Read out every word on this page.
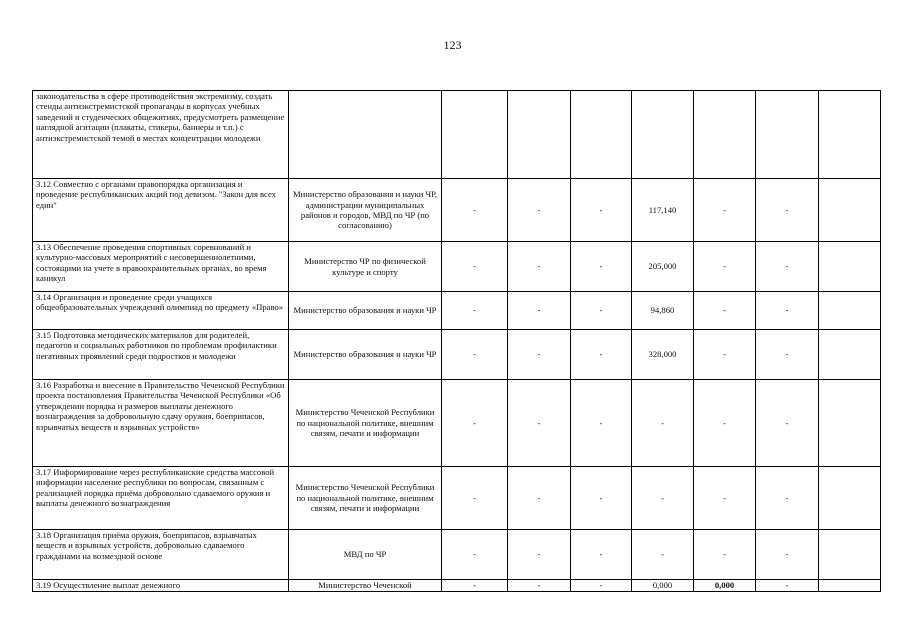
123
законодательства в сфере противодействия экстремизму, создать стенды антиэкстремистской пропаганды в корпусах учебных заведений и студенческих общежитиях, предусмотреть размещение наглядной агитации (плакаты, стикеры, баннеры и т.п.) с антиэкстремистской темой в местах концентрации молодежи								
3.12 Совместно с органами правопорядка организация и проведение республиканских акций под девизом. "Закон для всех един"	Министерство образования и науки ЧР, администрации муниципальных районов и городов, МВД по ЧР (по согласованию)	-	-	-	117,140	-	-	
3.13 Обеспечение проведения спортивных соревнований и культурно-массовых мероприятий с несовершеннолетними, состоящими на учете в правоохранительных органах, во время каникул	Министерство ЧР по физической культуре и спорту	-	-	-	205,000	-	-	
3.14 Организация и проведение среди учащихся общеобразовательных учреждений олимпиад по предмету «Право»	Министерство образования и науки ЧР	-	-	-	94,860	-	-	
3.15 Подготовка методических материалов для родителей, педагогов и социальных работников по проблемам профилактики негативных проявлений среди подростков и молодежи	Министерство образования и науки ЧР	-	-	-	328,000	-	-	
3.16 Разработка и внесение в Правительство Чеченской Республики проекта постановления Правительства Чеченской Республики «Об утверждении порядка и размеров выплаты денежного вознаграждения за добровольную сдачу оружия, боеприпасов, взрывчатых веществ и взрывных устройств»	Министерство Чеченской Республики по национальной политике, внешним связям, печати и информации	-	-	-	-	-	-	
3.17 Информирование через республиканские средства массовой информации население республики по вопросам, связанным с реализацией порядка приёма добровольно сдаваемого оружия и выплаты денежного вознаграждения	Министерство Чеченской Республики по национальной политике, внешним связям, печати и информации	-	-	-	-	-	-	
3.18 Организация приёма оружия, боеприпасов, взрывчатых веществ и взрывных устройств, добровольно сдаваемого гражданами на возмездной основе	МВД по ЧР	-	-	-	-	-	-	
3.19 Осуществление выплат денежного	Министерство Чеченской	-	-	-	0,000	0,000	-	
